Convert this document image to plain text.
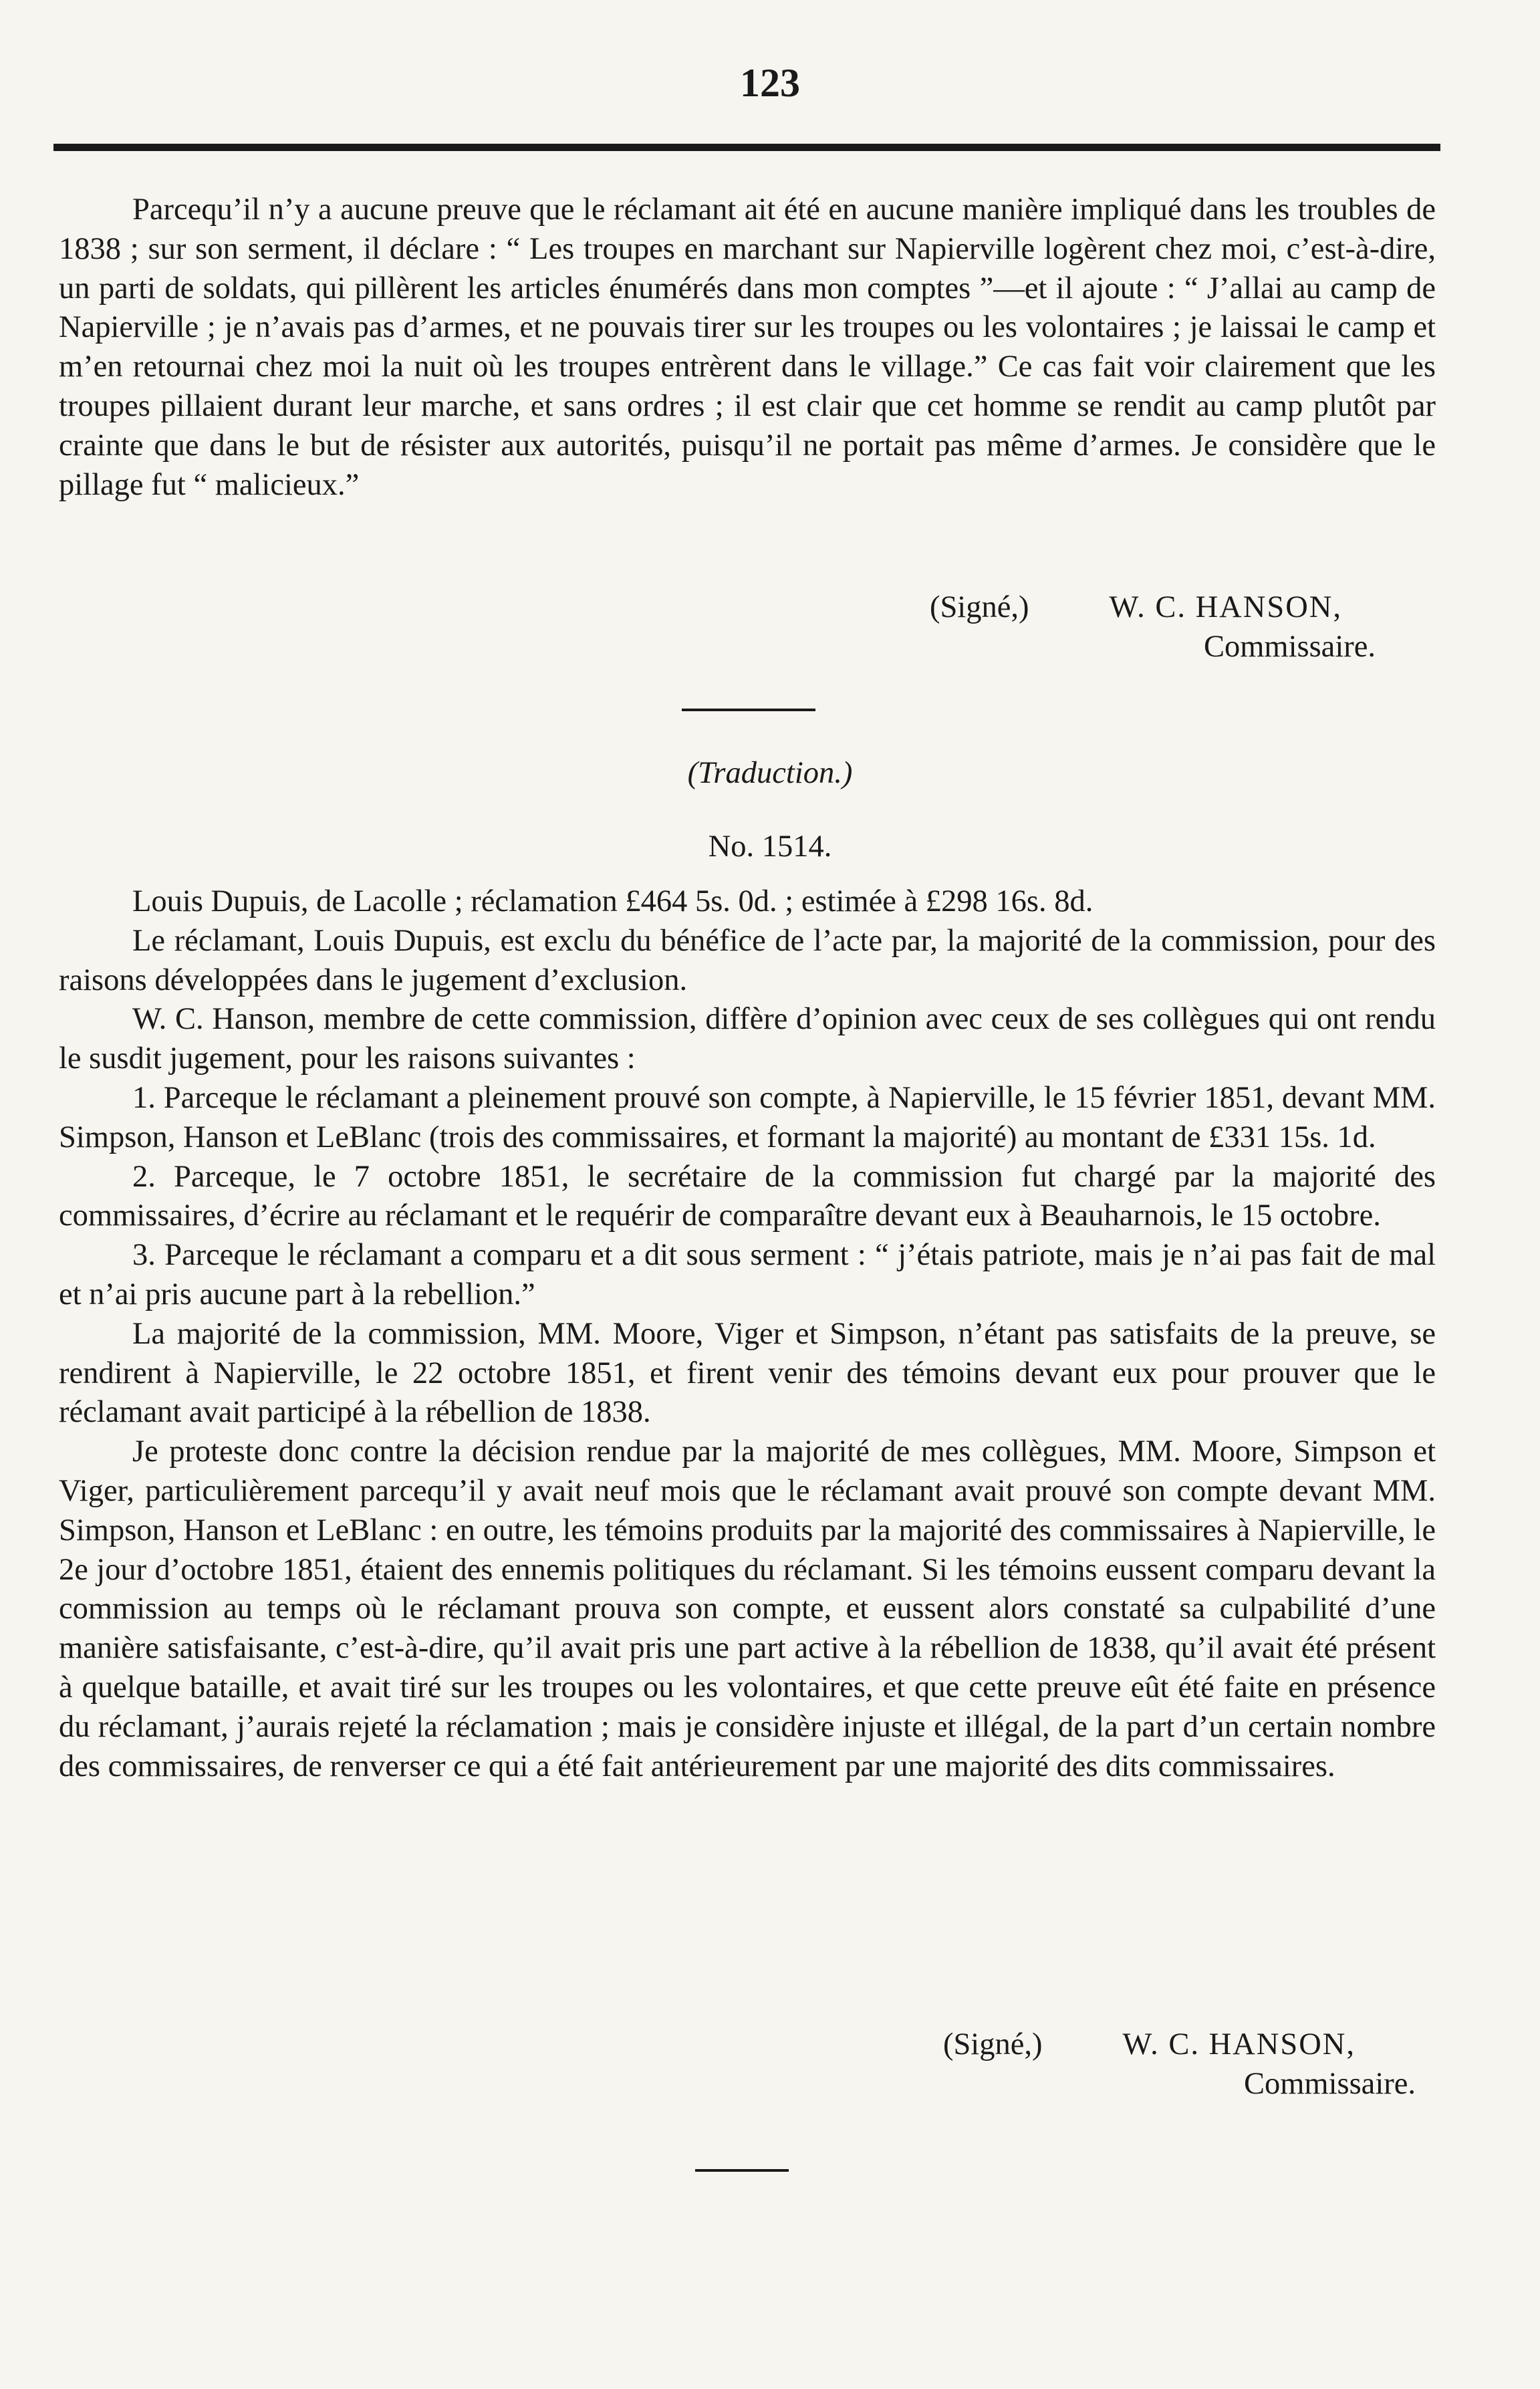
123

Parcequ’il n’y a aucune preuve que le réclamant ait été en aucune manière impliqué dans les troubles de 1838 ; sur son serment, il déclare : “ Les troupes en marchant sur Napierville logèrent chez moi, c’est-à-dire, un parti de soldats, qui pillèrent les articles énumérés dans mon comptes ”—et il ajoute : “ J’allai au camp de Napierville ; je n’avais pas d’armes, et ne pouvais tirer sur les troupes ou les volontaires ; je laissai le camp et m’en retournai chez moi la nuit où les troupes entrèrent dans le village.” Ce cas fait voir clairement que les troupes pillaient durant leur marche, et sans ordres ; il est clair que cet homme se rendit au camp plutôt par crainte que dans le but de résister aux autorités, puisqu’il ne portait pas même d’armes. Je considère que le pillage fut “ malicieux.”

(Signé,)	W. C. HANSON,
Commissaire.
(Traduction.)
No. 1514.

Louis Dupuis, de Lacolle ; réclamation £464 5s. 0d. ; estimée à £298 16s. 8d.

Le réclamant, Louis Dupuis, est exclu du bénéfice de l’acte par, la majorité de la commission, pour des raisons développées dans le jugement d’exclusion.

W. C. Hanson, membre de cette commission, diffère d’opinion avec ceux de ses collègues qui ont rendu le susdit jugement, pour les raisons suivantes :

1. Parceque le réclamant a pleinement prouvé son compte, à Napierville, le 15 février 1851, devant MM. Simpson, Hanson et LeBlanc (trois des commissaires, et formant la majorité) au montant de £331 15s. 1d.

2. Parceque, le 7 octobre 1851, le secrétaire de la commission fut chargé par la majorité des commissaires, d’écrire au réclamant et le requérir de comparaître devant eux à Beauharnois, le 15 octobre.

3. Parceque le réclamant a comparu et a dit sous serment : “ j’étais patriote, mais je n’ai pas fait de mal et n’ai pris aucune part à la rebellion.”

La majorité de la commission, MM. Moore, Viger et Simpson, n’étant pas satisfaits de la preuve, se rendirent à Napierville, le 22 octobre 1851, et firent venir des témoins devant eux pour prouver que le réclamant avait participé à la rébellion de 1838.

Je proteste donc contre la décision rendue par la majorité de mes collègues, MM. Moore, Simpson et Viger, particulièrement parcequ’il y avait neuf mois que le réclamant avait prouvé son compte devant MM. Simpson, Hanson et LeBlanc : en outre, les témoins produits par la majorité des commissaires à Napierville, le 2e jour d’octobre 1851, étaient des ennemis politiques du réclamant. Si les témoins eussent comparu devant la commission au temps où le réclamant prouva son compte, et eussent alors constaté sa culpabilité d’une manière satisfaisante, c’est-à-dire, qu’il avait pris une part active à la rébellion de 1838, qu’il avait été présent à quelque bataille, et avait tiré sur les troupes ou les volontaires, et que cette preuve eût été faite en présence du réclamant, j’aurais rejeté la réclamation ; mais je considère injuste et illégal, de la part d’un certain nombre des commissaires, de renverser ce qui a été fait antérieurement par une majorité des dits commissaires.

(Signé,)	W. C. HANSON,
Commissaire.
